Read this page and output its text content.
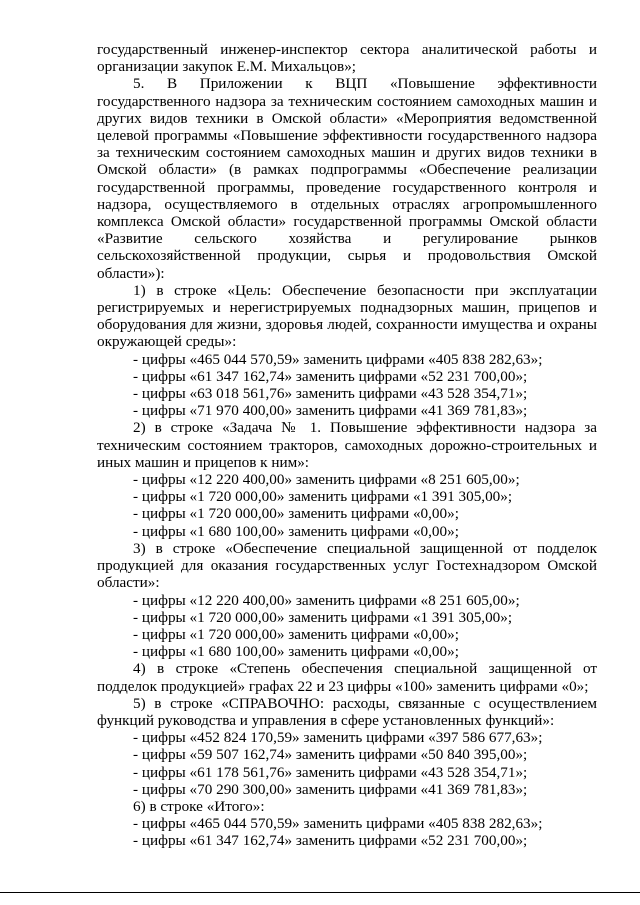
государственный инженер-инспектор сектора аналитической работы и организации закупок Е.М. Михальцов»;

5. В Приложении к ВЦП «Повышение эффективности государственного надзора за техническим состоянием самоходных машин и других видов техники в Омской области» «Мероприятия ведомственной целевой программы «Повышение эффективности государственного надзора за техническим состоянием самоходных машин и других видов техники в Омской области» (в рамках подпрограммы «Обеспечение реализации государственной программы, проведение государственного контроля и надзора, осуществляемого в отдельных отраслях агропромышленного комплекса Омской области» государственной программы Омской области «Развитие сельского хозяйства и регулирование рынков сельскохозяйственной продукции, сырья и продовольствия Омской области»):

1) в строке «Цель: Обеспечение безопасности при эксплуатации регистрируемых и нерегистрируемых поднадзорных машин, прицепов и оборудования для жизни, здоровья людей, сохранности имущества и охраны окружающей среды»:

- цифры «465 044 570,59» заменить цифрами «405 838 282,63»;

- цифры «61 347 162,74» заменить цифрами «52 231 700,00»;

- цифры «63 018 561,76» заменить цифрами «43 528 354,71»;

- цифры «71 970 400,00» заменить цифрами «41 369 781,83»;

2) в строке «Задача № 1. Повышение эффективности надзора за техническим состоянием тракторов, самоходных дорожно-строительных и иных машин и прицепов к ним»:

- цифры «12 220 400,00» заменить цифрами «8 251 605,00»;

- цифры «1 720 000,00» заменить цифрами «1 391 305,00»;

- цифры «1 720 000,00» заменить цифрами «0,00»;

- цифры «1 680 100,00» заменить цифрами «0,00»;

3) в строке «Обеспечение специальной защищенной от подделок продукцией для оказания государственных услуг Гостехнадзором Омской области»:

- цифры «12 220 400,00» заменить цифрами «8 251 605,00»;

- цифры «1 720 000,00» заменить цифрами «1 391 305,00»;

- цифры «1 720 000,00» заменить цифрами «0,00»;

- цифры «1 680 100,00» заменить цифрами «0,00»;

4) в строке «Степень обеспечения специальной защищенной от подделок продукцией» графах 22 и 23 цифры «100» заменить цифрами «0»;

5) в строке «СПРАВОЧНО: расходы, связанные с осуществлением функций руководства и управления в сфере установленных функций»:

- цифры «452 824 170,59» заменить цифрами «397 586 677,63»;

- цифры «59 507 162,74» заменить цифрами «50 840 395,00»;

- цифры «61 178 561,76» заменить цифрами «43 528 354,71»;

- цифры «70 290 300,00» заменить цифрами «41 369 781,83»;

6) в строке «Итого»:

- цифры «465 044 570,59» заменить цифрами «405 838 282,63»;

- цифры «61 347 162,74» заменить цифрами «52 231 700,00»;
